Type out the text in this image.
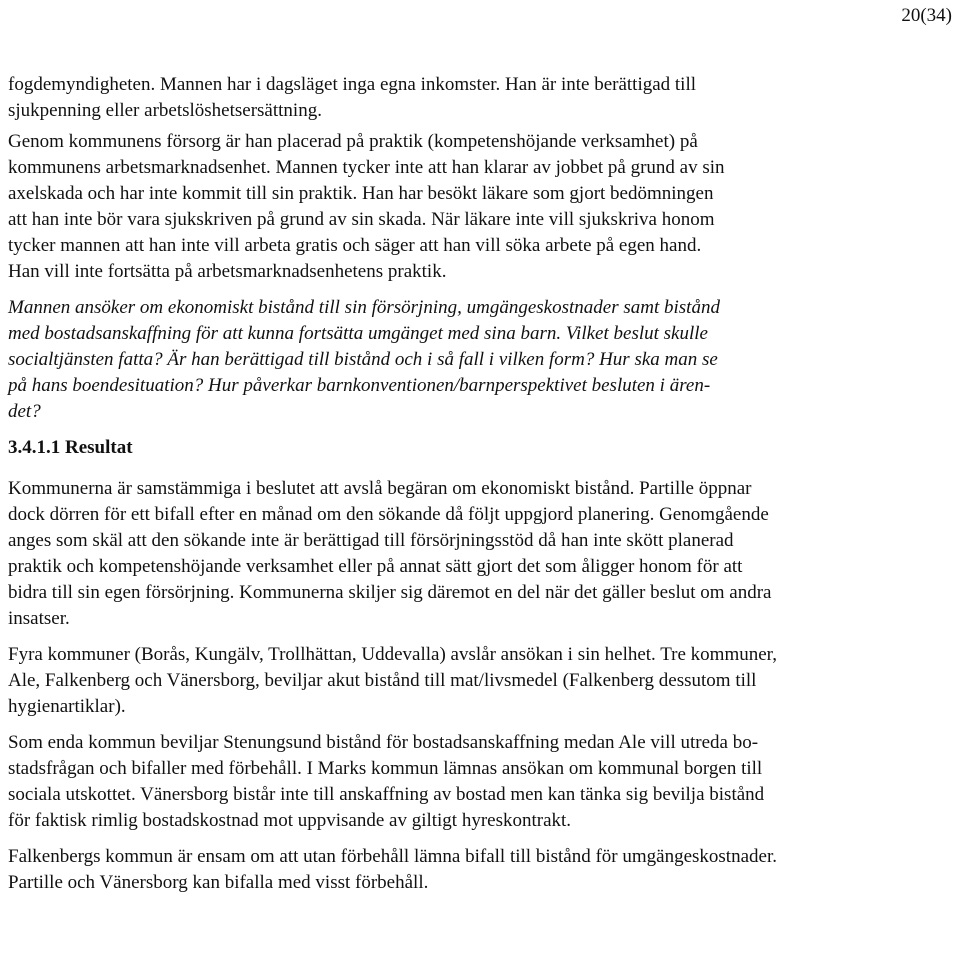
20(34)

fogdemyndigheten. Mannen har i dagsläget inga egna inkomster. Han är inte berättigad till
sjukpenning eller arbetslöshetsersättning.

Genom kommunens försorg är han placerad på praktik (kompetenshöjande verksamhet) på
kommunens arbetsmarknadsenhet. Mannen tycker inte att han klarar av jobbet på grund av sin
axelskada och har inte kommit till sin praktik. Han har besökt läkare som gjort bedömningen
att han inte bör vara sjukskriven på grund av sin skada. När läkare inte vill sjukskriva honom
tycker mannen att han inte vill arbeta gratis och säger att han vill söka arbete på egen hand.
Han vill inte fortsätta på arbetsmarknadsenhetens praktik.

Mannen ansöker om ekonomiskt bistånd till sin försörjning, umgängeskostnader samt bistånd
med bostadsanskaffning för att kunna fortsätta umgänget med sina barn. Vilket beslut skulle
socialtjänsten fatta? Är han berättigad till bistånd och i så fall i vilken form? Hur ska man se
på hans boendesituation? Hur påverkar barnkonventionen/barnperspektivet besluten i ären-
det?

3.4.1.1 Resultat

Kommunerna är samstämmiga i beslutet att avslå begäran om ekonomiskt bistånd. Partille öppnar
dock dörren för ett bifall efter en månad om den sökande då följt uppgjord planering. Genomgående
anges som skäl att den sökande inte är berättigad till försörjningsstöd då han inte skött planerad
praktik och kompetenshöjande verksamhet eller på annat sätt gjort det som åligger honom för att
bidra till sin egen försörjning. Kommunerna skiljer sig däremot en del när det gäller beslut om andra
insatser.

Fyra kommuner (Borås, Kungälv, Trollhättan, Uddevalla) avslår ansökan i sin helhet. Tre kommuner,
Ale, Falkenberg och Vänersborg, beviljar akut bistånd till mat/livsmedel (Falkenberg dessutom till
hygienartiklar).

Som enda kommun beviljar Stenungsund bistånd för bostadsanskaffning medan Ale vill utreda bo-
stadsfrågan och bifaller med förbehåll. I Marks kommun lämnas ansökan om kommunal borgen till
sociala utskottet. Vänersborg bistår inte till anskaffning av bostad men kan tänka sig bevilja bistånd
för faktisk rimlig bostadskostnad mot uppvisande av giltigt hyreskontrakt.

Falkenbergs kommun är ensam om att utan förbehåll lämna bifall till bistånd för umgängeskostnader.
Partille och Vänersborg kan bifalla med visst förbehåll.
